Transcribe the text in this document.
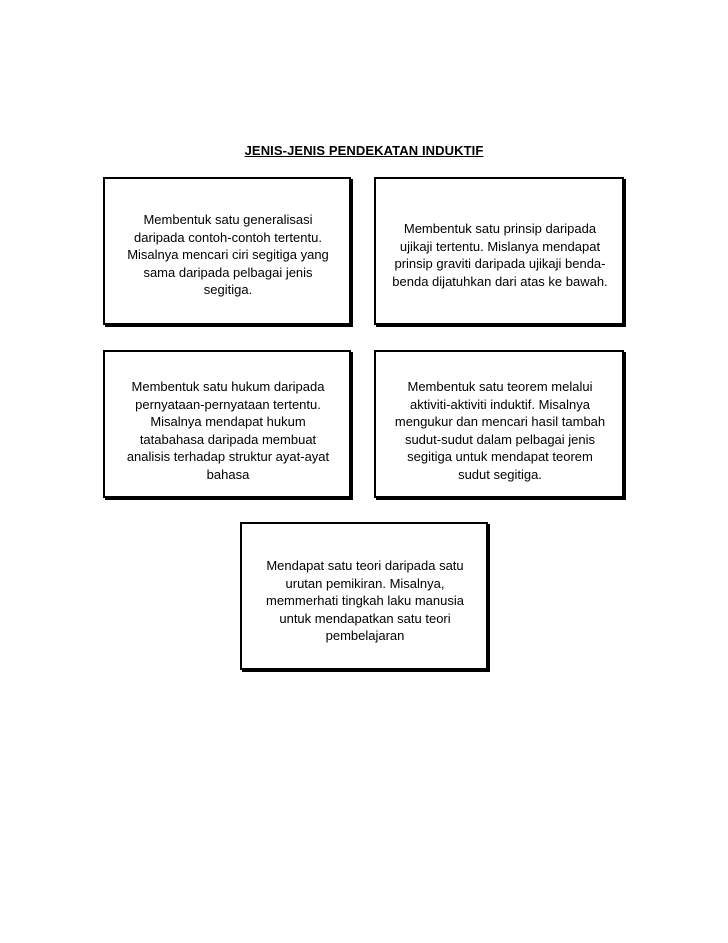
JENIS-JENIS PENDEKATAN INDUKTIF
Membentuk satu generalisasi
daripada contoh-contoh tertentu.
Misalnya mencari ciri segitiga yang
sama daripada pelbagai jenis
segitiga.
Membentuk satu prinsip daripada
ujikaji tertentu. Mislanya mendapat
prinsip graviti daripada ujikaji benda-
benda dijatuhkan dari atas ke bawah.
Membentuk satu hukum daripada
pernyataan-pernyataan tertentu.
Misalnya mendapat hukum
tatabahasa daripada membuat
analisis terhadap struktur ayat-ayat
bahasa
Membentuk satu teorem melalui
aktiviti-aktiviti induktif. Misalnya
mengukur dan mencari hasil tambah
sudut-sudut dalam pelbagai jenis
segitiga untuk mendapat teorem
sudut segitiga.
Mendapat satu teori daripada satu
urutan pemikiran. Misalnya,
memmerhati tingkah laku manusia
untuk mendapatkan satu teori
pembelajaran
